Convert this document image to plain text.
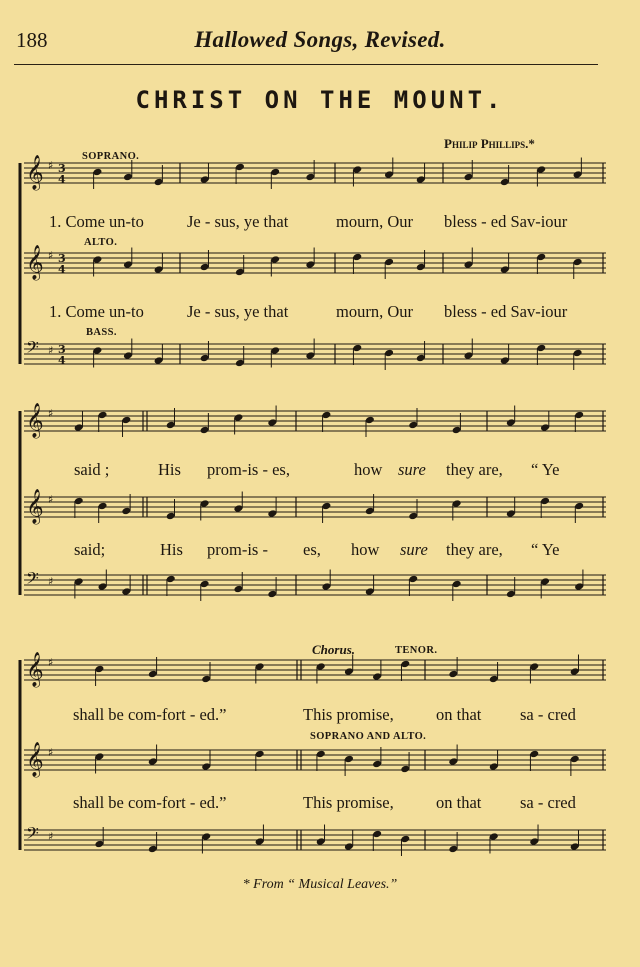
188	Hallowed Songs, Revised.
CHRIST ON THE MOUNT.
Philip Phillips.*
𝄞 ♯ 3
4
𝄞 ♯ 3
4
𝄢 ♯ 3
4
𝄞 ♯
𝄞 ♯
𝄢 ♯
𝄞 ♯
𝄞 ♯
𝄢 ♯
SOPRANO.
ALTO.
BASS.
Chorus.	TENOR.
SOPRANO AND ALTO.
1. Come un-to	Je - sus, ye that	mourn, Our bless - ed Sav-iour
1. Come un-to	Je - sus, ye that	mourn, Our bless - ed Sav-iour
said ;	His prom-is - es,	how sure they are, “ Ye
said;	His prom-is - es, how sure they are, “ Ye
shall be com-fort - ed.”	This promise,	on that sa - cred
shall be com-fort - ed.”	This promise,	on that sa - cred
* From “ Musical Leaves.”
